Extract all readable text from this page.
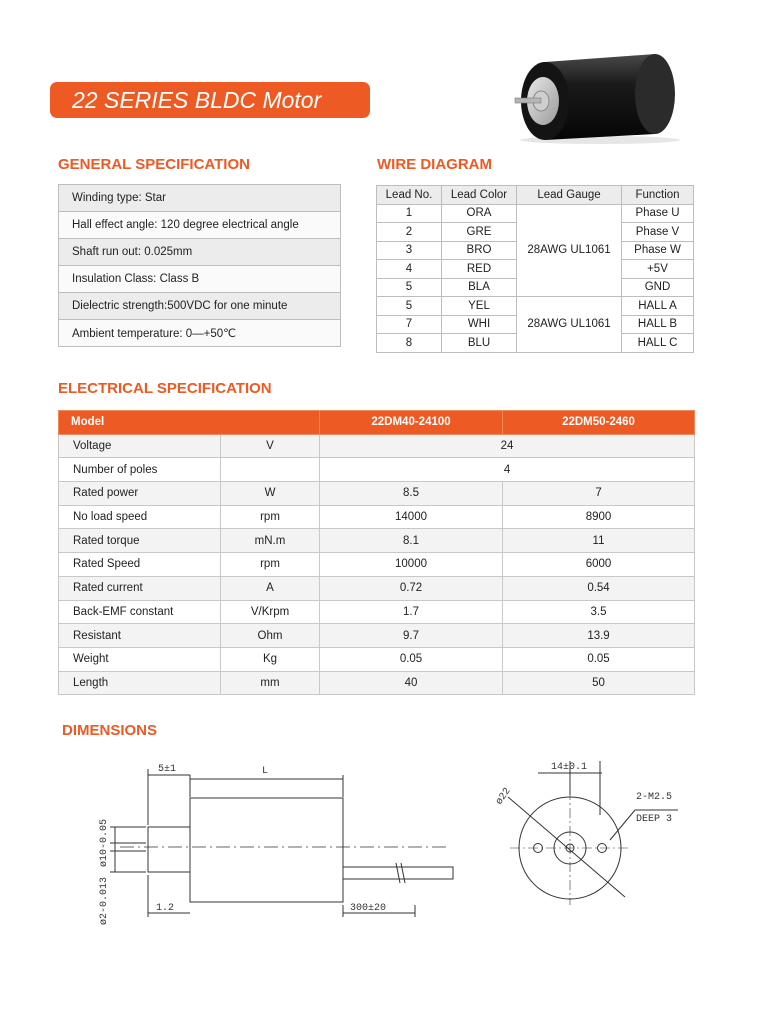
22 SERIES BLDC Motor
GENERAL SPECIFICATION
Winding type: Star
Hall effect angle: 120 degree electrical angle
Shaft run out: 0.025mm
Insulation Class: Class B
Dielectric strength:500VDC for one minute
Ambient temperature: 0—+50℃
WIRE DIAGRAM
Lead No.	Lead Color	Lead Gauge	Function
1	ORA	28AWG UL1061	Phase U
2	GRE		Phase V
3	BRO		Phase W
4	RED		+5V
5	BLA		GND
5	YEL	28AWG UL1061	HALL A
7	WHI		HALL B
8	BLU		HALL C
ELECTRICAL SPECIFICATION
Model		22DM40-24100	22DM50-2460
Voltage	V	24	
Number of poles		4	
Rated power	W	8.5	7
No load speed	rpm	14000	8900
Rated torque	mN.m	8.1	11
Rated Speed	rpm	10000	6000
Rated current	A	0.72	0.54
Back-EMF constant	V/Krpm	1.7	3.5
Resistant	Ohm	9.7	13.9
Weight	Kg	0.05	0.05
Length	mm	40	50
DIMENSIONS
5±1	L
ø10-0.05
ø2-0.013	1.2	300±20
14±0.1
ø22	2-M2.5
DEEP 3
